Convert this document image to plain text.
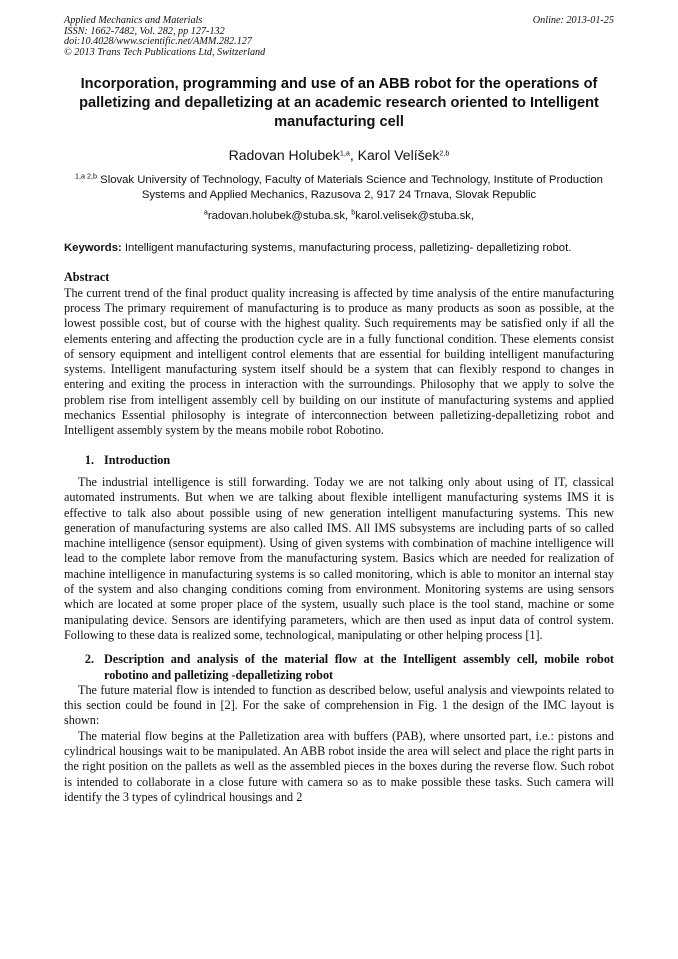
Applied Mechanics and Materials	Online: 2013-01-25
ISSN: 1662-7482, Vol. 282, pp 127-132
doi:10.4028/www.scientific.net/AMM.282.127
© 2013 Trans Tech Publications Ltd, Switzerland
Incorporation, programming and use of an ABB robot for the operations of palletizing and depalletizing at an academic research oriented to Intelligent manufacturing cell
Radovan Holubek$^{1,a}$, Karol Velíšek$^{2,b}$
$^{1,a 2,b}$ Slovak University of Technology, Faculty of Materials Science and Technology, Institute of Production Systems and Applied Mechanics, Razusova 2, 917 24 Trnava, Slovak Republic
$^a$radovan.holubek@stuba.sk, $^b$karol.velisek@stuba.sk,
Keywords: Intelligent manufacturing systems, manufacturing process, palletizing- depalletizing robot.
Abstract
The current trend of the final product quality increasing is affected by time analysis of the entire manufacturing process The primary requirement of manufacturing is to produce as many products as soon as possible, at the lowest possible cost, but of course with the highest quality. Such requirements may be satisfied only if all the elements entering and affecting the production cycle are in a fully functional condition. These elements consist of sensory equipment and intelligent control elements that are essential for building intelligent manufacturing systems. Intelligent manufacturing system itself should be a system that can flexibly respond to changes in entering and exiting the process in interaction with the surroundings. Philosophy that we apply to solve the problem rise from intelligent assembly cell by building on our institute of manufacturing systems and applied mechanics Essential philosophy is integrate of interconnection between palletizing-depalletizing robot and Intelligent assembly system by the means mobile robot Robotino.
1. Introduction
The industrial intelligence is still forwarding. Today we are not talking only about using of IT, classical automated instruments. But when we are talking about flexible intelligent manufacturing systems IMS it is effective to talk also about possible using of new generation intelligent manufacturing systems. This new generation of manufacturing systems are also called IMS. All IMS subsystems are including parts of so called machine intelligence (sensor equipment). Using of given systems with combination of machine intelligence will lead to the complete labor remove from the manufacturing system. Basics which are needed for realization of machine intelligence in manufacturing systems is so called monitoring, which is able to monitor an internal stay of the system and also changing conditions coming from environment. Monitoring systems are using sensors which are located at some proper place of the system, usually such place is the tool stand, machine or some manipulating device. Sensors are identifying parameters, which are then used as input data of control system. Following to these data is realized some, technological, manipulating or other helping process [1].
2. Description and analysis of the material flow at the Intelligent assembly cell, mobile robot robotino and palletizing -depalletizing robot
The future material flow is intended to function as described below, useful analysis and viewpoints related to this section could be found in [2]. For the sake of comprehension in Fig. 1 the design of the IMC layout is shown:
The material flow begins at the Palletization area with buffers (PAB), where unsorted part, i.e.: pistons and cylindrical housings wait to be manipulated. An ABB robot inside the area will select and place the right parts in the right position on the pallets as well as the assembled pieces in the boxes during the reverse flow. Such robot is intended to collaborate in a close future with camera so as to make possible these tasks. Such camera will identify the 3 types of cylindrical housings and 2
